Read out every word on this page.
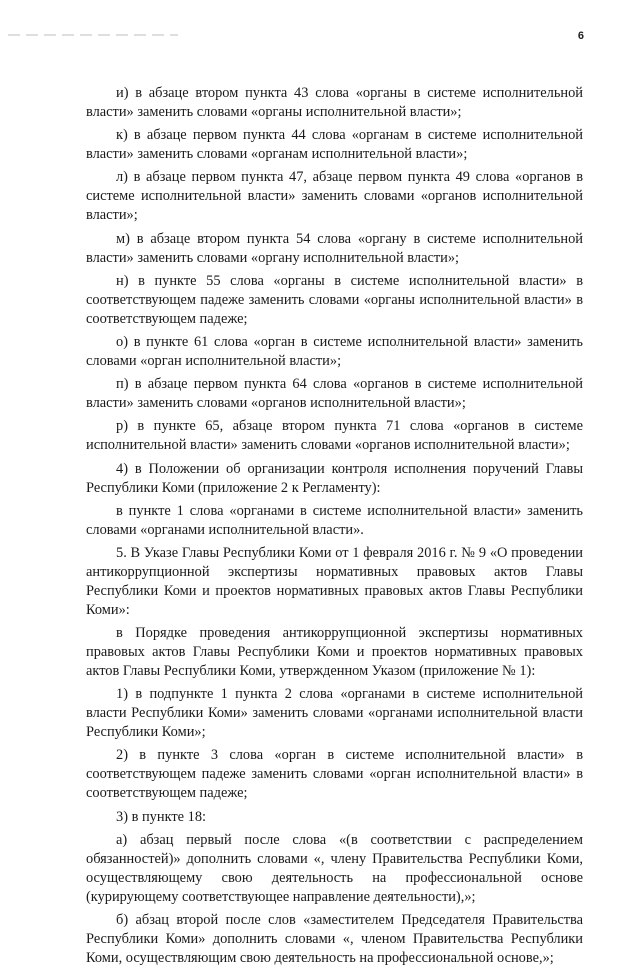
6

и) в абзаце втором пункта 43 слова «органы в системе исполнительной власти» заменить словами «органы исполнительной власти»;

к) в абзаце первом пункта 44 слова «органам в системе исполнительной власти» заменить словами «органам исполнительной власти»;

л) в абзаце первом пункта 47, абзаце первом пункта 49 слова «органов в системе исполнительной власти» заменить словами «органов исполнительной власти»;

м) в абзаце втором пункта 54 слова «органу в системе исполнительной власти» заменить словами «органу исполнительной власти»;

н) в пункте 55 слова «органы в системе исполнительной власти» в соответствующем падеже заменить словами «органы исполнительной власти» в соответствующем падеже;

о) в пункте 61 слова «орган в системе исполнительной власти» заменить словами «орган исполнительной власти»;

п) в абзаце первом пункта 64 слова «органов в системе исполнительной власти» заменить словами «органов исполнительной власти»;

р) в пункте 65, абзаце втором пункта 71 слова «органов в системе исполнительной власти» заменить словами «органов исполнительной власти»;

4) в Положении об организации контроля исполнения поручений Главы Республики Коми (приложение 2 к Регламенту):

в пункте 1 слова «органами в системе исполнительной власти» заменить словами «органами исполнительной власти».

5. В Указе Главы Республики Коми от 1 февраля 2016 г. № 9 «О проведении антикоррупционной экспертизы нормативных правовых актов Главы Республики Коми и проектов нормативных правовых актов Главы Республики Коми»:

в Порядке проведения антикоррупционной экспертизы нормативных правовых актов Главы Республики Коми и проектов нормативных правовых актов Главы Республики Коми, утвержденном Указом (приложение № 1):

1) в подпункте 1 пункта 2 слова «органами в системе исполнительной власти Республики Коми» заменить словами «органами исполнительной власти Республики Коми»;

2) в пункте 3 слова «орган в системе исполнительной власти» в соответствующем падеже заменить словами «орган исполнительной власти» в соответствующем падеже;

3) в пункте 18:

а) абзац первый после слова «(в соответствии с распределением обязанностей)» дополнить словами «, члену Правительства Республики Коми, осуществляющему свою деятельность на профессиональной основе (курирующему соответствующее направление деятельности),»;

б) абзац второй после слов «заместителем Председателя Правительства Республики Коми» дополнить словами «, членом Правительства Республики Коми, осуществляющим свою деятельность на профессиональной основе,»;
